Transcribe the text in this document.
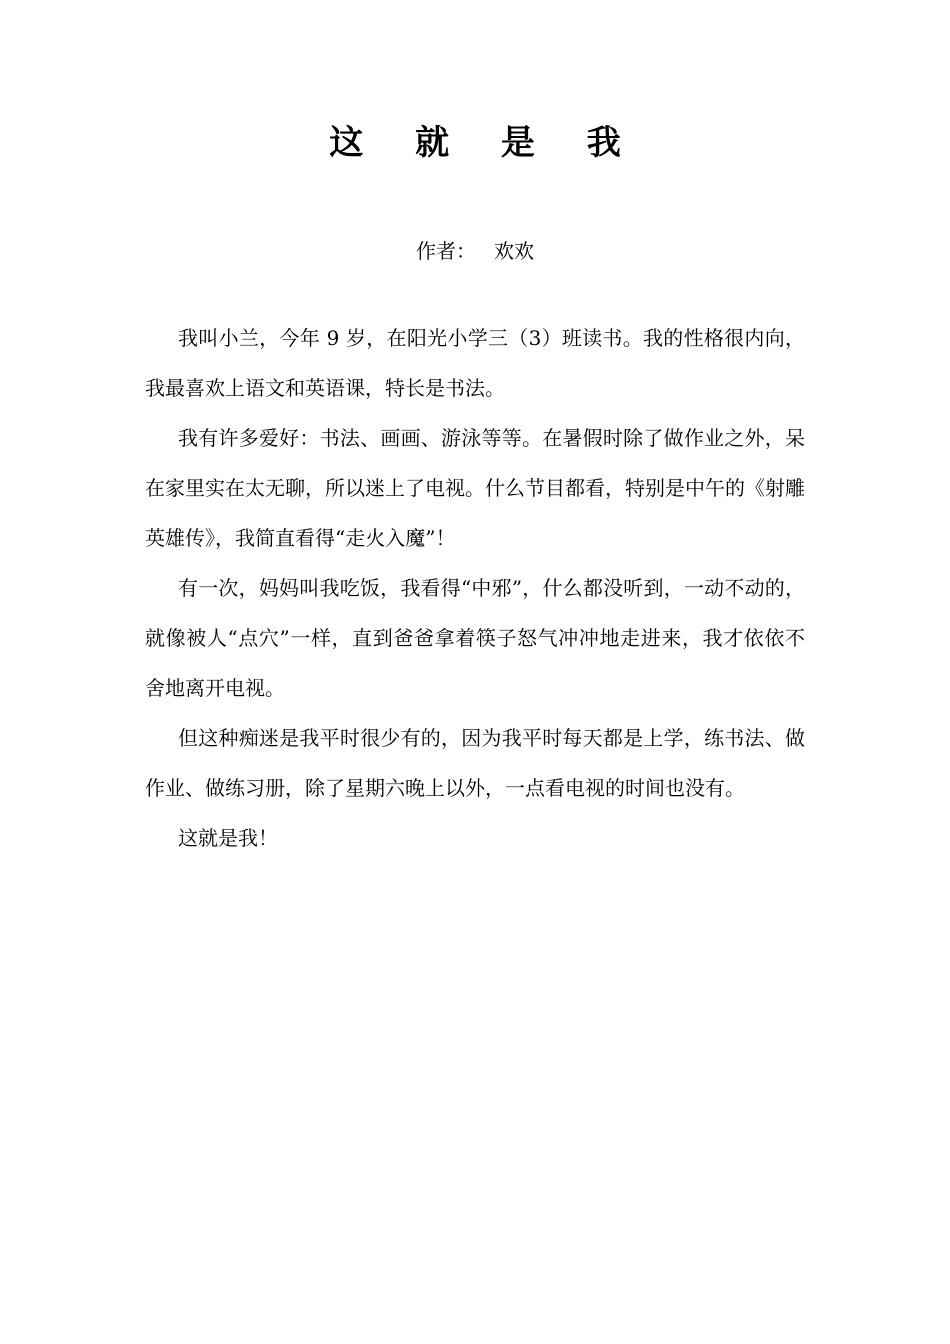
这 就 是 我
作者： 欢欢

我叫小兰，今年 9 岁，在阳光小学三（3）班读书。我的性格很内向，我最喜欢上语文和英语课，特长是书法。

我有许多爱好：书法、画画、游泳等等。在暑假时除了做作业之外，呆在家里实在太无聊，所以迷上了电视。什么节目都看，特别是中午的《射雕英雄传》，我简直看得“走火入魔”！

有一次，妈妈叫我吃饭，我看得“中邪”，什么都没听到，一动不动的，就像被人“点穴”一样，直到爸爸拿着筷子怒气冲冲地走进来，我才依依不舍地离开电视。

但这种痴迷是我平时很少有的，因为我平时每天都是上学，练书法、做作业、做练习册，除了星期六晚上以外，一点看电视的时间也没有。

这就是我！
